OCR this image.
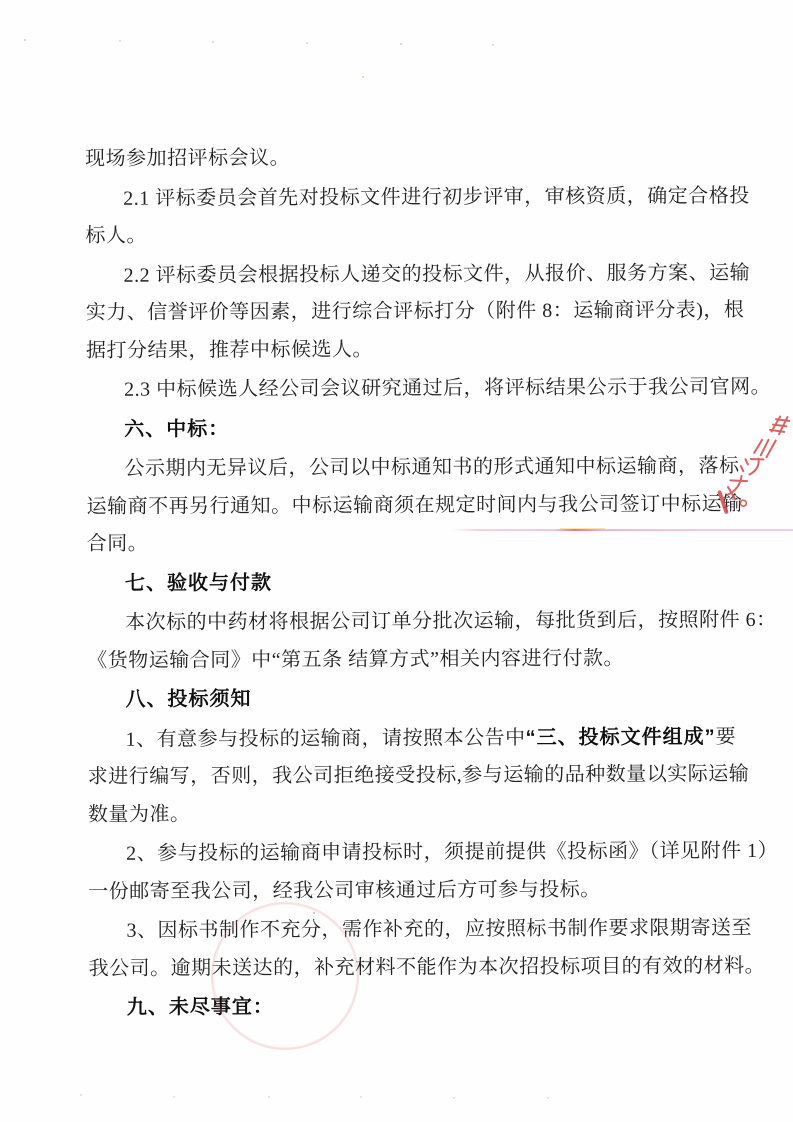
现场参加招评标会议。
2.1 评标委员会首先对投标文件进行初步评审，审核资质，确定合格投
标人。
2.2 评标委员会根据投标人递交的投标文件，从报价、服务方案、运输
实力、信誉评价等因素，进行综合评标打分（附件 8：运输商评分表)，根
据打分结果，推荐中标候选人。
2.3 中标候选人经公司会议研究通过后，将评标结果公示于我公司官网。
六、中标：
公示期内无异议后，公司以中标通知书的形式通知中标运输商，落标
运输商不再另行通知。中标运输商须在规定时间内与我公司签订中标运输
合同。
七、验收与付款
本次标的中药材将根据公司订单分批次运输，每批货到后，按照附件 6：
《货物运输合同》中“第五条 结算方式”相关内容进行付款。
八、投标须知
1、有意参与投标的运输商，请按照本公告中“三、投标文件组成”要
求进行编写，否则，我公司拒绝接受投标,参与运输的品种数量以实际运输
数量为准。
2、参与投标的运输商申请投标时，须提前提供《投标函》（详见附件 1）
一份邮寄至我公司，经我公司审核通过后方可参与投标。
3、因标书制作不充分，需作补充的，应按照标书制作要求限期寄送至
我公司。逾期未送达的，补充材料不能作为本次招投标项目的有效的材料。
九、未尽事宜：
